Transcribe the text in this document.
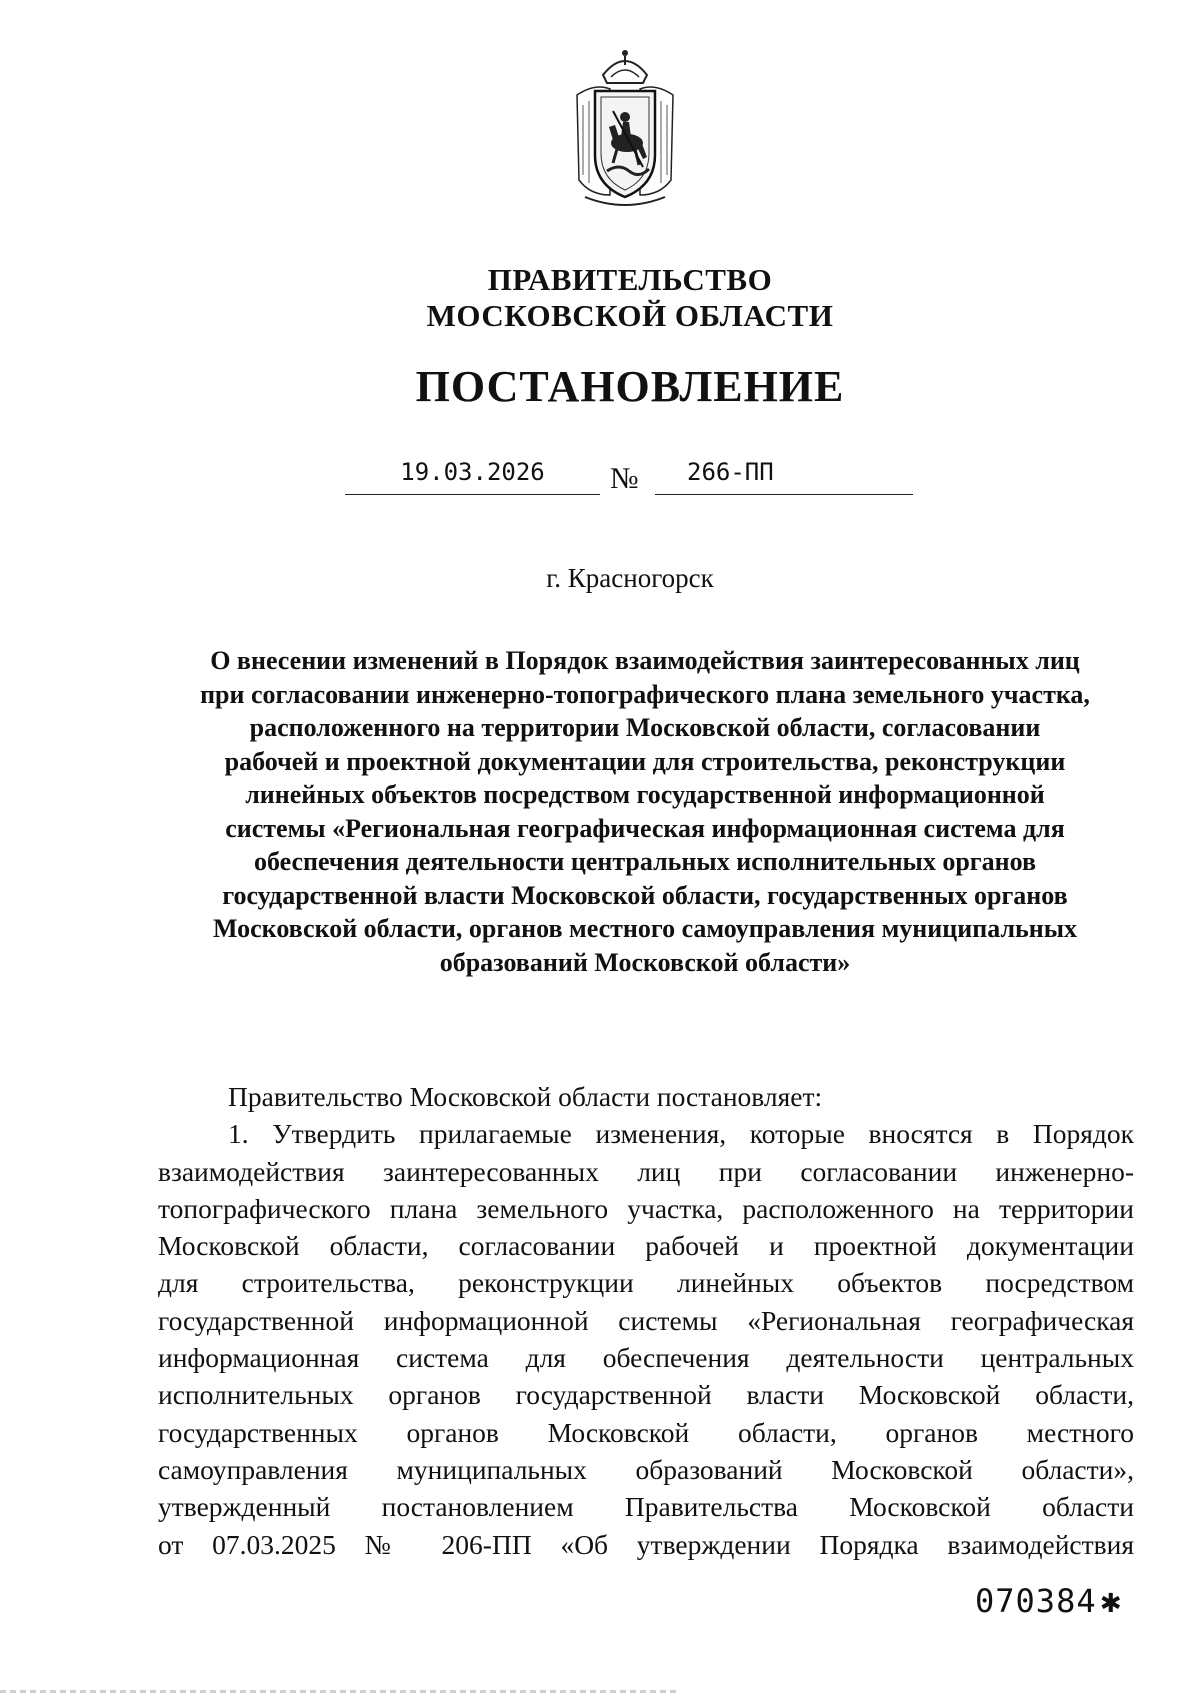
ПРАВИТЕЛЬСТВО
МОСКОВСКОЙ ОБЛАСТИ
ПОСТАНОВЛЕНИЕ
19.03.2026	№	266-ПП
г. Красногорск
О внесении изменений в Порядок взаимодействия заинтересованных лиц
при согласовании инженерно-топографического плана земельного участка,
расположенного на территории Московской области, согласовании
рабочей и проектной документации для строительства, реконструкции
линейных объектов посредством государственной информационной
системы «Региональная географическая информационная система для
обеспечения деятельности центральных исполнительных органов
государственной власти Московской области, государственных органов
Московской области, органов местного самоуправления муниципальных
образований Московской области»
Правительство Московской области постановляет:
1. Утвердить прилагаемые изменения, которые вносятся в Порядок
взаимодействия заинтересованных лиц при согласовании инженерно-
топографического плана земельного участка, расположенного на территории
Московской области, согласовании рабочей и проектной документации
для строительства, реконструкции линейных объектов посредством
государственной информационной системы «Региональная географическая
информационная система для обеспечения деятельности центральных
исполнительных органов государственной власти Московской области,
государственных органов Московской области, органов местного
самоуправления муниципальных образований Московской области»,
утвержденный постановлением Правительства Московской области
от 07.03.2025 № 206-ПП «Об утверждении Порядка взаимодействия
070384 ✱
